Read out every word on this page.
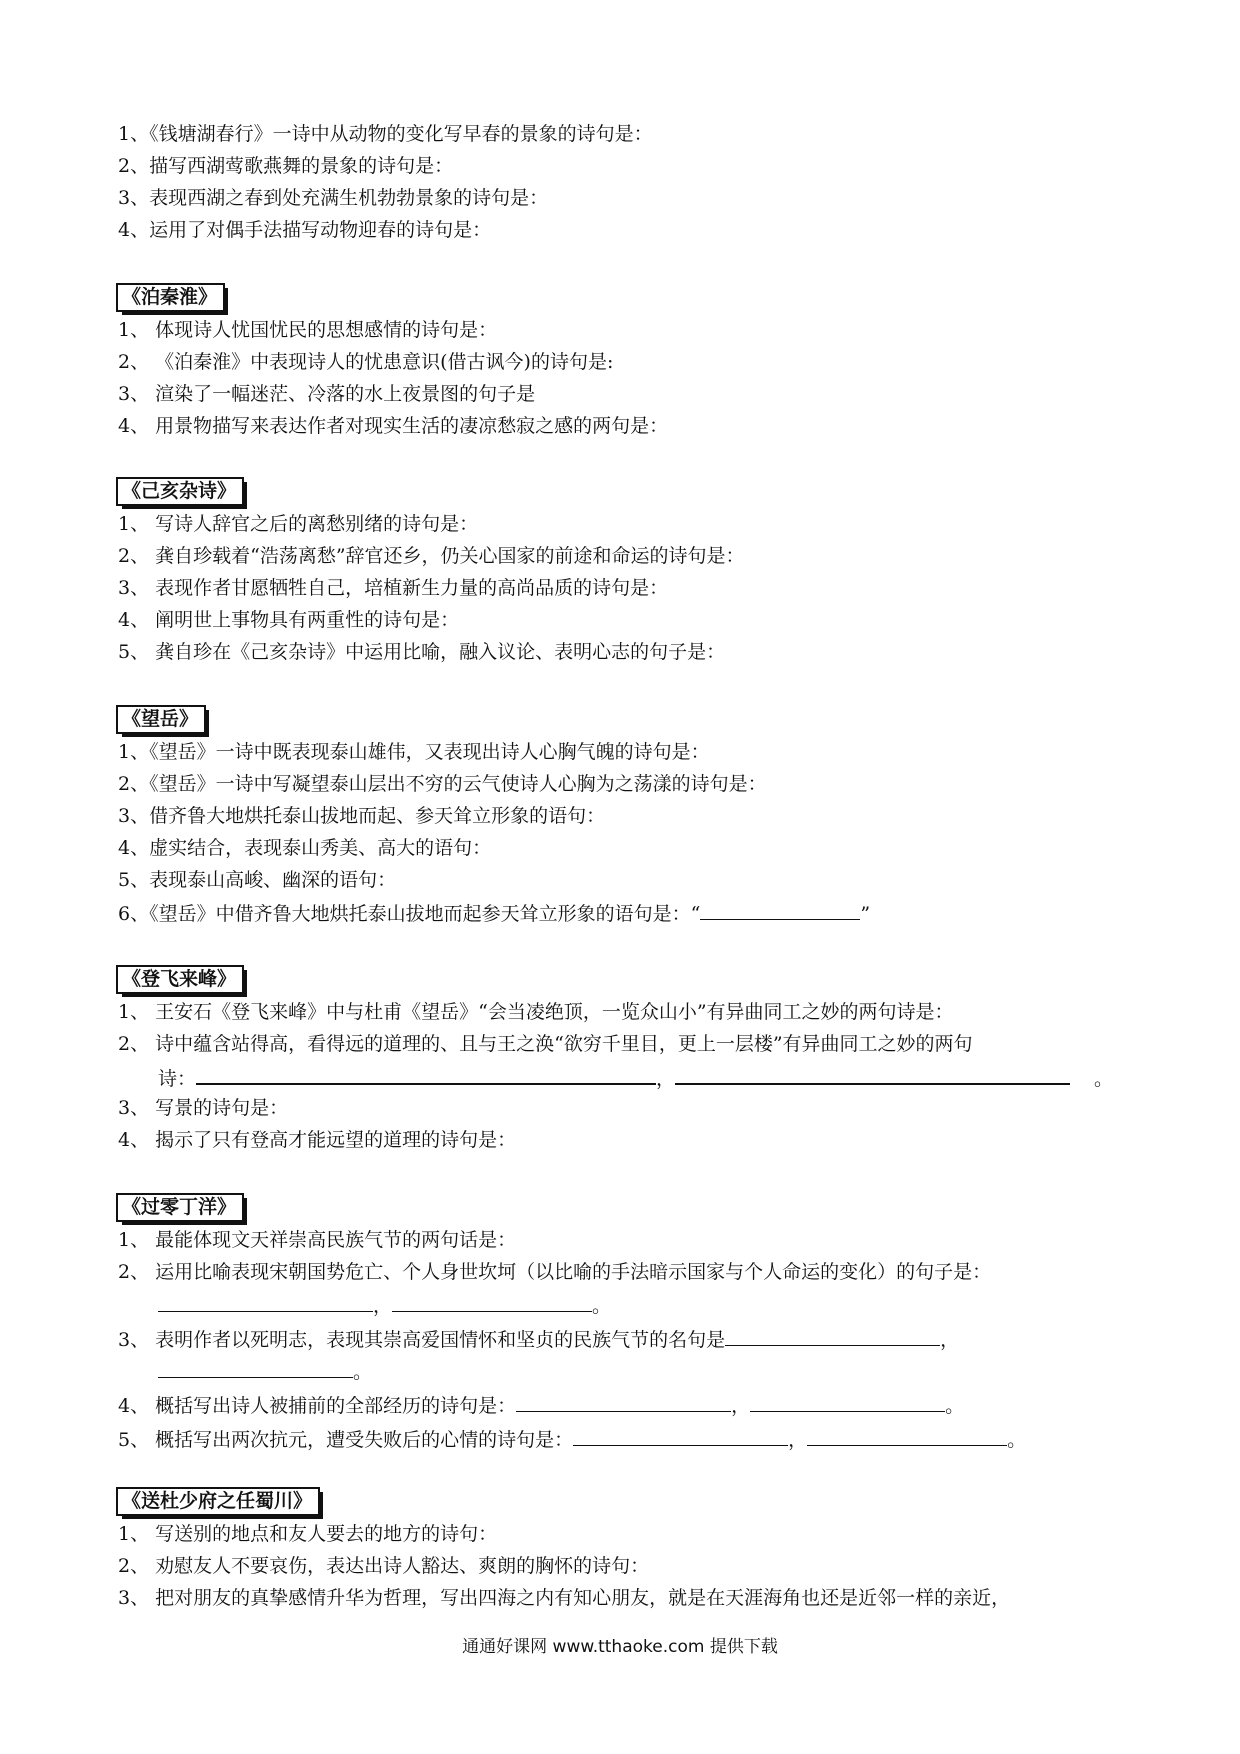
1、《钱塘湖春行》一诗中从动物的变化写早春的景象的诗句是：
2、描写西湖莺歌燕舞的景象的诗句是：
3、表现西湖之春到处充满生机勃勃景象的诗句是：
4、运用了对偶手法描写动物迎春的诗句是：
《泊秦淮》
1、 体现诗人忧国忧民的思想感情的诗句是：
2、 《泊秦淮》中表现诗人的忧患意识(借古讽今)的诗句是:
3、 渲染了一幅迷茫、冷落的水上夜景图的句子是
4、 用景物描写来表达作者对现实生活的凄凉愁寂之感的两句是：
《己亥杂诗》
1、 写诗人辞官之后的离愁别绪的诗句是：
2、 龚自珍载着“浩荡离愁”辞官还乡，仍关心国家的前途和命运的诗句是：
3、 表现作者甘愿牺牲自己，培植新生力量的高尚品质的诗句是：
4、 阐明世上事物具有两重性的诗句是：
5、 龚自珍在《己亥杂诗》中运用比喻，融入议论、表明心志的句子是：
《望岳》
1、《望岳》一诗中既表现泰山雄伟，又表现出诗人心胸气魄的诗句是：
2、《望岳》一诗中写凝望泰山层出不穷的云气使诗人心胸为之荡漾的诗句是：
3、借齐鲁大地烘托泰山拔地而起、参天耸立形象的语句：
4、虚实结合，表现泰山秀美、高大的语句：
5、表现泰山高峻、幽深的语句：
6、《望岳》中借齐鲁大地烘托泰山拔地而起参天耸立形象的语句是：“	”
《登飞来峰》
1、 王安石《登飞来峰》中与杜甫《望岳》“会当凌绝顶，一览众山小”有异曲同工之妙的两句诗是：
2、 诗中蕴含站得高，看得远的道理的、且与王之涣“欲穷千里目，更上一层楼”有异曲同工之妙的两句
诗：	，	。
3、 写景的诗句是：
4、 揭示了只有登高才能远望的道理的诗句是：
《过零丁洋》
1、 最能体现文天祥崇高民族气节的两句话是：
2、 运用比喻表现宋朝国势危亡、个人身世坎坷（以比喻的手法暗示国家与个人命运的变化）的句子是：
，	。
3、 表明作者以死明志，表现其崇高爱国情怀和坚贞的民族气节的名句是	，
。
4、 概括写出诗人被捕前的全部经历的诗句是：	，	。
5、 概括写出两次抗元，遭受失败后的心情的诗句是：	，	。
《送杜少府之任蜀川》
1、 写送别的地点和友人要去的地方的诗句：
2、 劝慰友人不要哀伤，表达出诗人豁达、爽朗的胸怀的诗句：
3、 把对朋友的真挚感情升华为哲理，写出四海之内有知心朋友，就是在天涯海角也还是近邻一样的亲近，
通通好课网 www.tthaoke.com 提供下载
